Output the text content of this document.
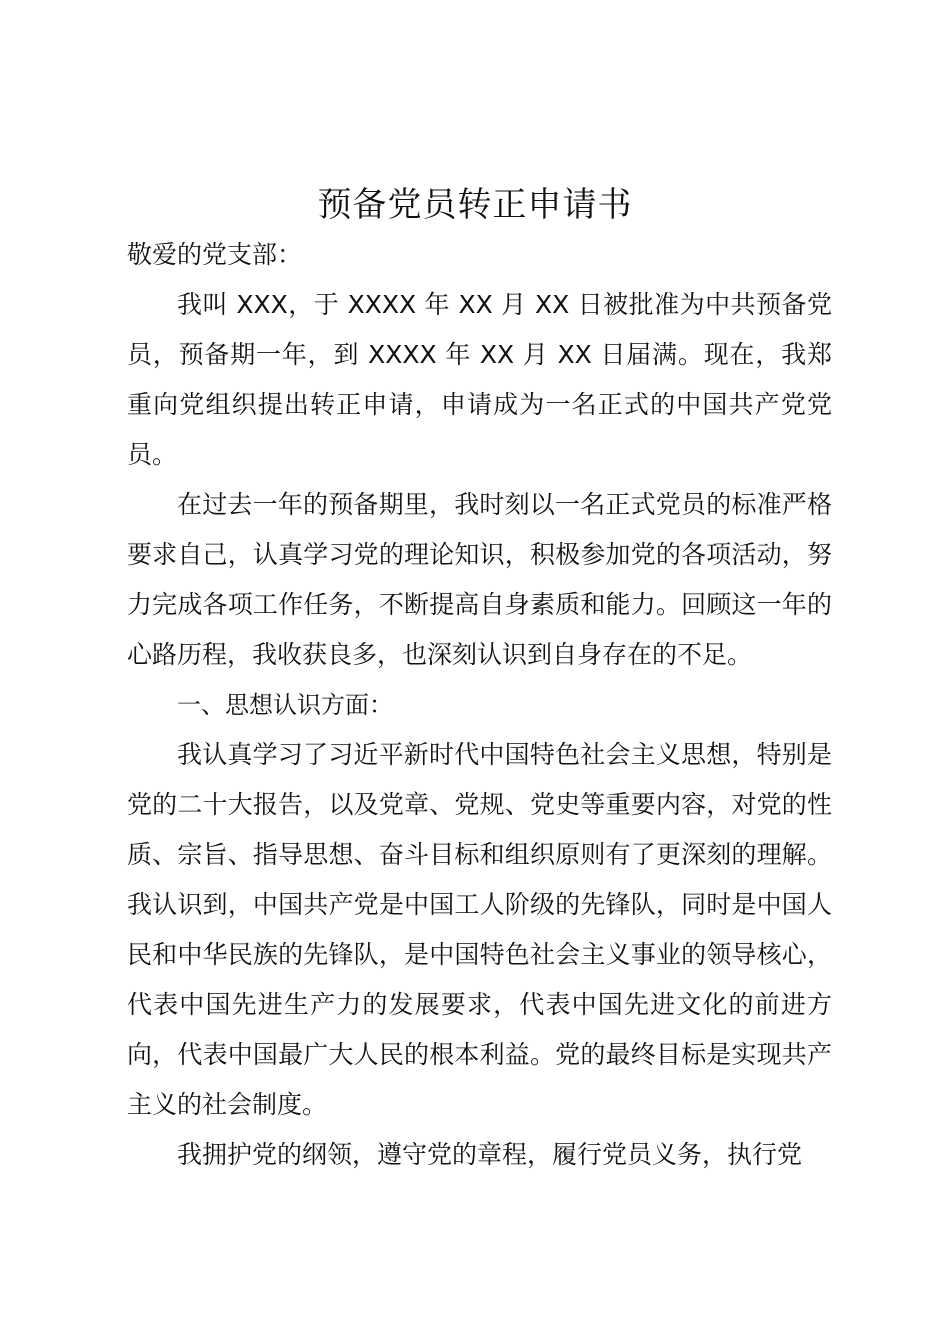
预备党员转正申请书

敬爱的党支部：

我叫 XXX，于 XXXX 年 XX 月 XX 日被批准为中共预备党员，预备期一年，到 XXXX 年 XX 月 XX 日届满。现在，我郑重向党组织提出转正申请，申请成为一名正式的中国共产党党员。

在过去一年的预备期里，我时刻以一名正式党员的标准严格要求自己，认真学习党的理论知识，积极参加党的各项活动，努力完成各项工作任务，不断提高自身素质和能力。回顾这一年的心路历程，我收获良多，也深刻认识到自身存在的不足。

一、思想认识方面：

我认真学习了习近平新时代中国特色社会主义思想，特别是党的二十大报告，以及党章、党规、党史等重要内容，对党的性质、宗旨、指导思想、奋斗目标和组织原则有了更深刻的理解。我认识到，中国共产党是中国工人阶级的先锋队，同时是中国人民和中华民族的先锋队，是中国特色社会主义事业的领导核心，代表中国先进生产力的发展要求，代表中国先进文化的前进方向，代表中国最广大人民的根本利益。党的最终目标是实现共产主义的社会制度。

我拥护党的纲领，遵守党的章程，履行党员义务，执行党
